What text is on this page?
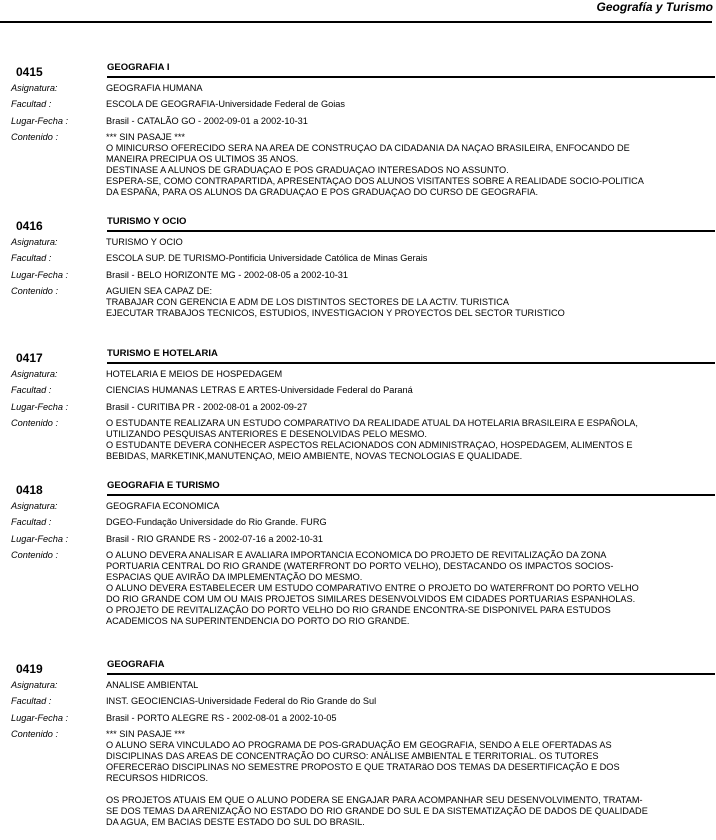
Geografía y Turismo
0415	GEOGRAFIA I
Asignatura:	GEOGRAFIA HUMANA
Facultad :	ESCOLA DE GEOGRAFIA-Universidade Federal de Goias
Lugar-Fecha :	Brasil - CATALÃO GO - 2002-09-01 a 2002-10-31
Contenido :	*** SIN PASAJE ***
O MINICURSO OFERECIDO SERA NA AREA DE CONSTRUÇAO DA CIDADANIA DA NAÇAO BRASILEIRA, ENFOCANDO DE
MANEIRA PRECIPUA OS ULTIMOS 35 ANOS.
DESTINASE A ALUNOS DE GRADUAÇAO E POS GRADUAÇAO INTERESADOS NO ASSUNTO.
ESPERA-SE, COMO CONTRAPARTIDA, APRESENTAÇAO DOS ALUNOS VISITANTES SOBRE A REALIDADE SOCIO-POLITICA
DA ESPAÑA, PARA OS ALUNOS DA GRADUAÇAO E POS GRADUAÇAO DO CURSO DE GEOGRAFIA.
0416	TURISMO Y OCIO
Asignatura:	TURISMO Y OCIO
Facultad :	ESCOLA SUP. DE TURISMO-Pontificia Universidade Católica de Minas Gerais
Lugar-Fecha :	Brasil - BELO HORIZONTE MG - 2002-08-05 a 2002-10-31
Contenido :	AGUIEN SEA CAPAZ DE:
TRABAJAR CON GERENCIA E ADM DE LOS DISTINTOS SECTORES DE LA ACTIV. TURISTICA
EJECUTAR TRABAJOS TECNICOS, ESTUDIOS, INVESTIGACION Y PROYECTOS DEL SECTOR TURISTICO
0417	TURISMO E HOTELARIA
Asignatura:	HOTELARIA E MEIOS DE HOSPEDAGEM
Facultad :	CIENCIAS HUMANAS LETRAS E ARTES-Universidade Federal do Paraná
Lugar-Fecha :	Brasil - CURITIBA PR - 2002-08-01 a 2002-09-27
Contenido :	O ESTUDANTE REALIZARA UN ESTUDO COMPARATIVO DA REALIDADE ATUAL DA HOTELARIA BRASILEIRA E ESPAÑOLA,
UTILIZANDO PESQUISAS ANTERIORES E DESENOLVIDAS PELO MESMO.
O ESTUDANTE DEVERA CONHECER ASPECTOS RELACIONADOS CON ADMINISTRAÇAO, HOSPEDAGEM, ALIMENTOS E
BEBIDAS, MARKETINK,MANUTENÇAO, MEIO AMBIENTE, NOVAS TECNOLOGIAS E QUALIDADE.
0418	GEOGRAFIA E TURISMO
Asignatura:	GEOGRAFIA ECONOMICA
Facultad :	DGEO-Fundação Universidade do Rio Grande. FURG
Lugar-Fecha :	Brasil - RIO GRANDE RS - 2002-07-16 a 2002-10-31
Contenido :	O ALUNO DEVERA ANALISAR E AVALIARA IMPORTANCIA ECONOMICA DO PROJETO DE REVITALIZAÇÃO DA ZONA
PORTUARIA CENTRAL DO RIO GRANDE (WATERFRONT DO PORTO VELHO), DESTACANDO OS IMPACTOS SOCIOS-
ESPACIAS QUE AVIRÃO DA IMPLEMENTAÇÃO DO MESMO.
O ALUNO DEVERA ESTABELECER UM ESTUDO COMPARATIVO ENTRE O PROJETO DO WATERFRONT DO PORTO VELHO
DO RIO GRANDE COM UM OU MAIS PROJETOS SIMILARES DESENVOLVIDOS EM CIDADES PORTUARIAS ESPANHOLAS.
O PROJETO DE REVITALIZAÇÃO DO PORTO VELHO DO RIO GRANDE ENCONTRA-SE DISPONIVEL PARA ESTUDOS
ACADEMICOS NA SUPERINTENDENCIA DO PORTO DO RIO GRANDE.
0419	GEOGRAFIA
Asignatura:	ANALISE AMBIENTAL
Facultad :	INST. GEOCIENCIAS-Universidade Federal do Rio Grande do Sul
Lugar-Fecha :	Brasil - PORTO ALEGRE RS - 2002-08-01 a 2002-10-05
Contenido :	*** SIN PASAJE ***
O ALUNO SERA VINCULADO AO PROGRAMA DE POS-GRADUAÇÃO EM GEOGRAFIA, SENDO A ELE OFERTADAS AS
DISCIPLINAS DAS AREAS DE CONCENTRAÇÃO DO CURSO: ANÁLISE AMBIENTAL E TERRITORIAL. OS TUTORES
OFERECERãO DISCIPLINAS NO SEMESTRE PROPOSTO E QUE TRATARãO DOS TEMAS DA DESERTIFICAÇÃO E DOS
RECURSOS HIDRICOS.
OS PROJETOS ATUAIS EM QUE O ALUNO PODERA SE ENGAJAR PARA ACOMPANHAR SEU DESENVOLVIMENTO, TRATAM-
SE DOS TEMAS DA ARENIZAÇÃO NO ESTADO DO RIO GRANDE DO SUL E DA SISTEMATIZAÇÃO DE DADOS DE QUALIDADE
DA AGUA, EM BACIAS DESTE ESTADO DO SUL DO BRASIL.
